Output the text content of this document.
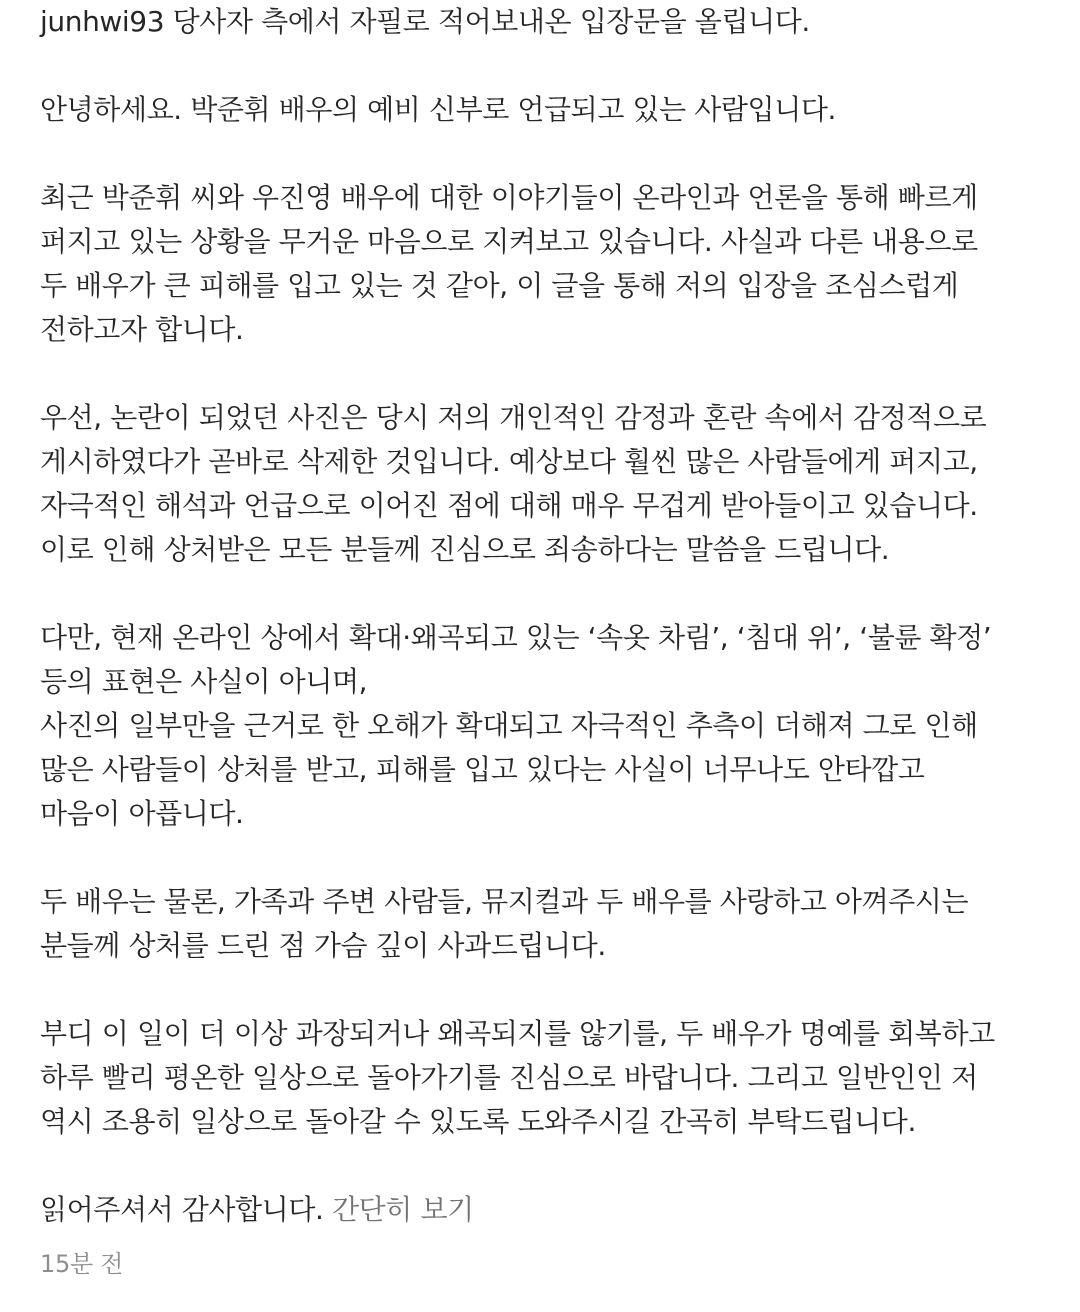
junhwi93 당사자 측에서 자필로 적어보내온 입장문을 올립니다.
안녕하세요. 박준휘 배우의 예비 신부로 언급되고 있는 사람입니다.
최근 박준휘 씨와 우진영 배우에 대한 이야기들이 온라인과 언론을 통해 빠르게
퍼지고 있는 상황을 무거운 마음으로 지켜보고 있습니다. 사실과 다른 내용으로
두 배우가 큰 피해를 입고 있는 것 같아, 이 글을 통해 저의 입장을 조심스럽게
전하고자 합니다.
우선, 논란이 되었던 사진은 당시 저의 개인적인 감정과 혼란 속에서 감정적으로
게시하였다가 곧바로 삭제한 것입니다. 예상보다 훨씬 많은 사람들에게 퍼지고,
자극적인 해석과 언급으로 이어진 점에 대해 매우 무겁게 받아들이고 있습니다.
이로 인해 상처받은 모든 분들께 진심으로 죄송하다는 말씀을 드립니다.
다만, 현재 온라인 상에서 확대·왜곡되고 있는 ‘속옷 차림’, ‘침대 위’, ‘불륜 확정’
등의 표현은 사실이 아니며,
사진의 일부만을 근거로 한 오해가 확대되고 자극적인 추측이 더해져 그로 인해
많은 사람들이 상처를 받고, 피해를 입고 있다는 사실이 너무나도 안타깝고
마음이 아픕니다.
두 배우는 물론, 가족과 주변 사람들, 뮤지컬과 두 배우를 사랑하고 아껴주시는
분들께 상처를 드린 점 가슴 깊이 사과드립니다.
부디 이 일이 더 이상 과장되거나 왜곡되지를 않기를, 두 배우가 명예를 회복하고
하루 빨리 평온한 일상으로 돌아가기를 진심으로 바랍니다. 그리고 일반인인 저
역시 조용히 일상으로 돌아갈 수 있도록 도와주시길 간곡히 부탁드립니다.
읽어주셔서 감사합니다. 간단히 보기
15분 전
